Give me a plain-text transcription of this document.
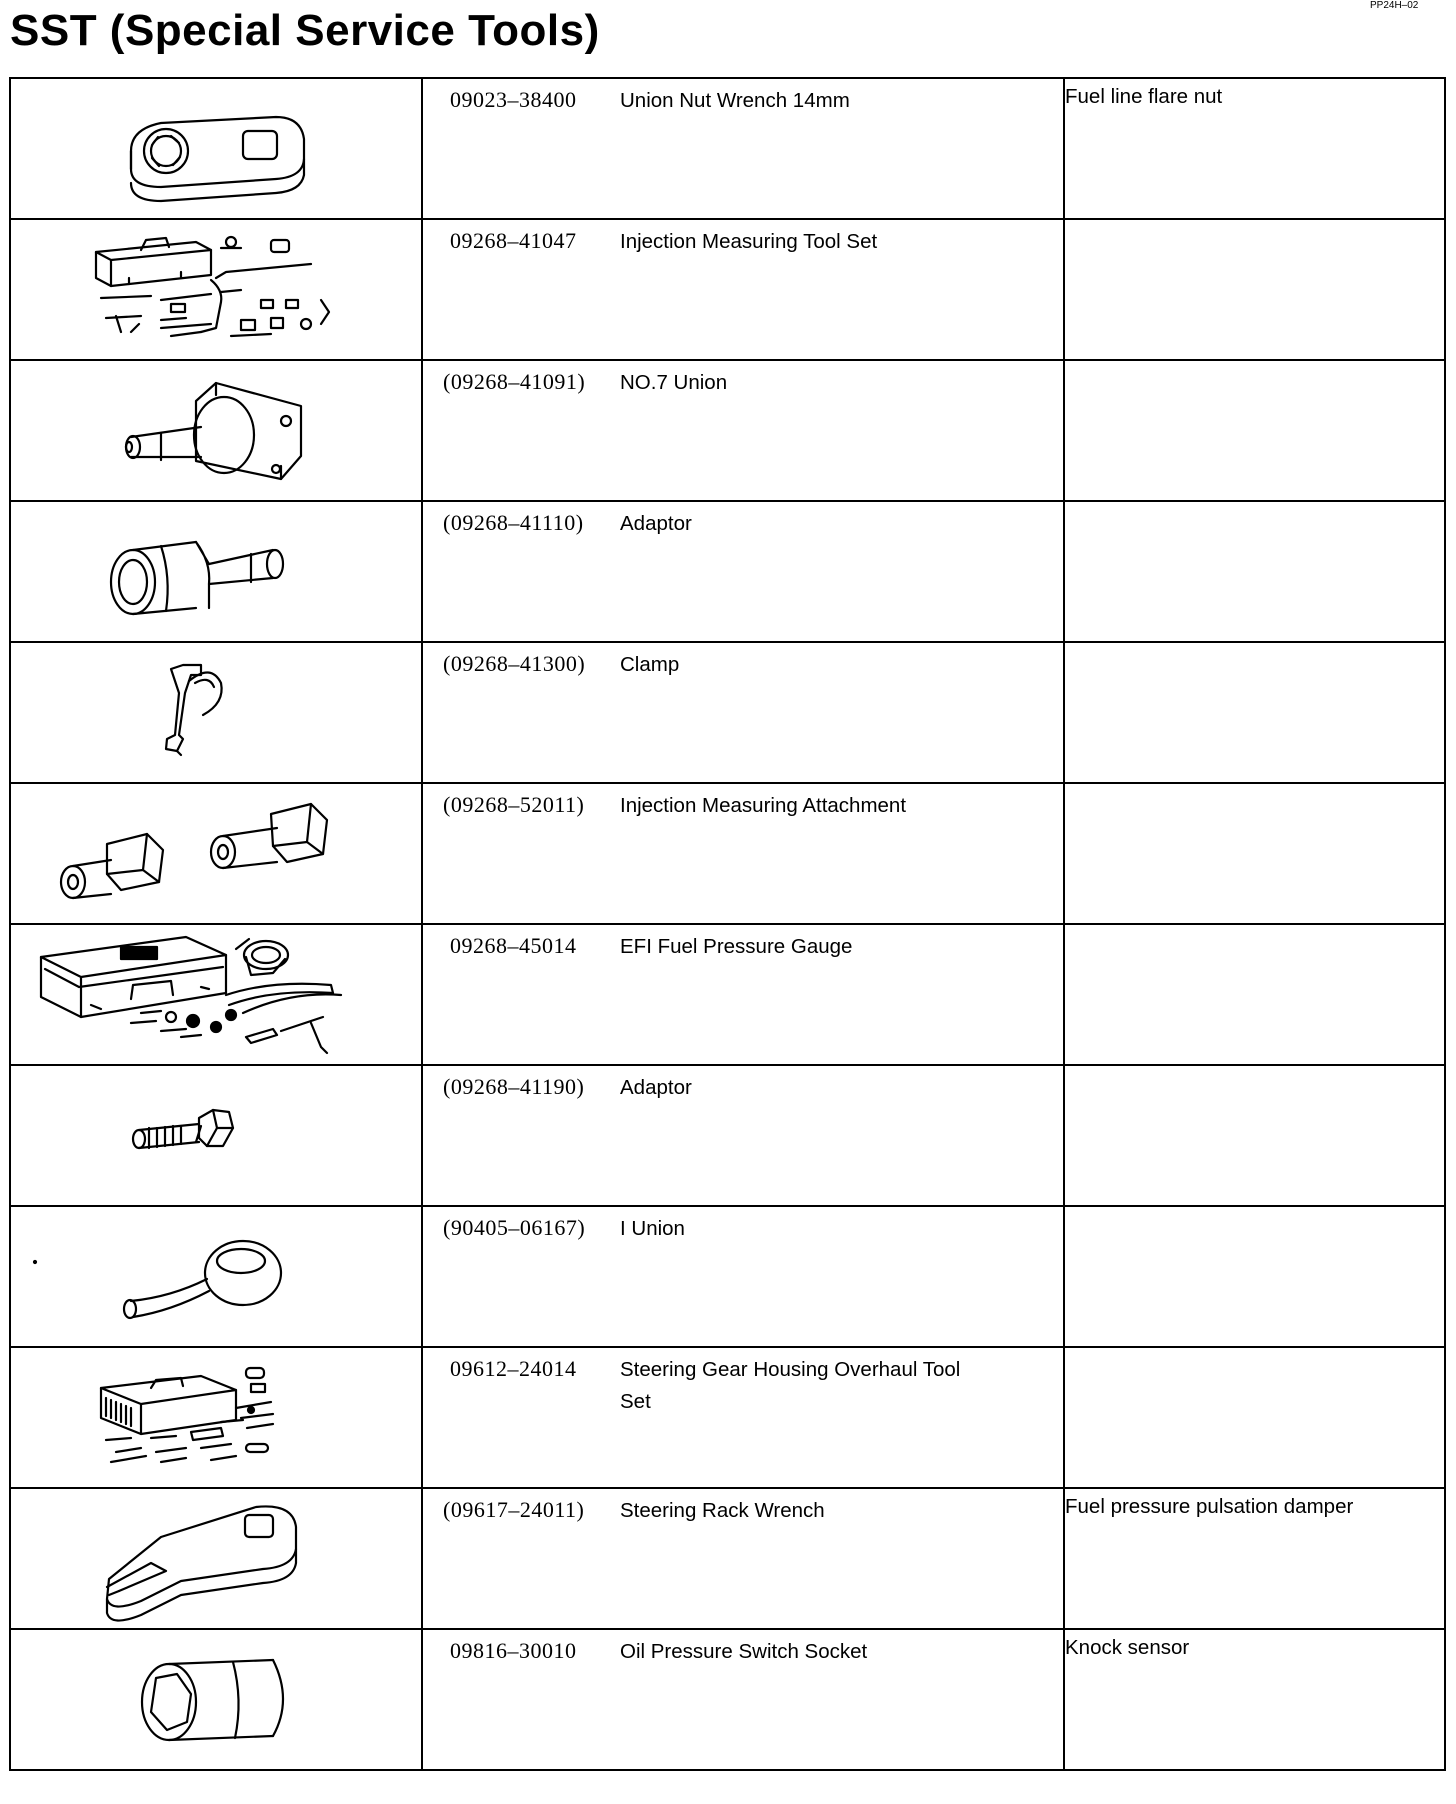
SST (Special Service Tools)
PP24H–02

09023–38400 Union Nut Wrench 14mm	Fuel line flare nut

09268–41047 Injection Measuring Tool Set	

(09268–41091) NO.7 Union	

(09268–41110) Adaptor	

(09268–41300) Clamp	

(09268–52011) Injection Measuring Attachment	

09268–45014 EFI Fuel Pressure Gauge	

(09268–41190) Adaptor	

(90405–06167) I Union	

09612–24014 Steering Gear Housing Overhaul Tool Set	

(09617–24011) Steering Rack Wrench	Fuel pressure pulsation damper

09816–30010 Oil Pressure Switch Socket	Knock sensor
